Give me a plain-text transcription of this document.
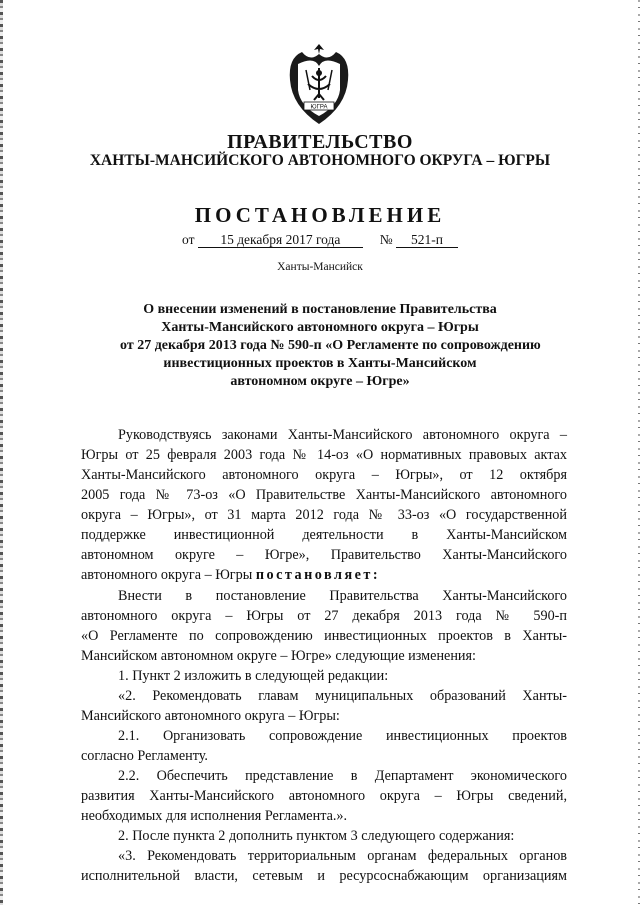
ЮГРА
ПРАВИТЕЛЬСТВО
ХАНТЫ-МАНСИЙСКОГО АВТОНОМНОГО ОКРУГА – ЮГРЫ
ПОСТАНОВЛЕНИЕ
от 15 декабря 2017 года	№ 521-п
Ханты-Мансийск
О внесении изменений в постановление Правительства
Ханты-Мансийского автономного округа – Югры
от 27 декабря 2013 года № 590-п «О Регламенте по сопровождению
инвестиционных проектов в Ханты-Мансийском
автономном округе – Югре»
Руководствуясь законами Ханты-Мансийского автономного округа –
Югры от 25 февраля 2003 года № 14-оз «О нормативных правовых актах
Ханты-Мансийского автономного округа – Югры», от 12 октября
2005 года № 73-оз «О Правительстве Ханты-Мансийского автономного
округа – Югры», от 31 марта 2012 года № 33-оз «О государственной
поддержке инвестиционной деятельности в Ханты-Мансийском
автономном округе – Югре», Правительство Ханты-Мансийского
автономного округа – Югры постановляет:
Внести в постановление Правительства Ханты-Мансийского
автономного округа – Югры от 27 декабря 2013 года № 590-п
«О Регламенте по сопровождению инвестиционных проектов в Ханты-
Мансийском автономном округе – Югре» следующие изменения:
1. Пункт 2 изложить в следующей редакции:
«2. Рекомендовать главам муниципальных образований Ханты-
Мансийского автономного округа – Югры:
2.1. Организовать сопровождение инвестиционных проектов
согласно Регламенту.
2.2. Обеспечить представление в Департамент экономического
развития Ханты-Мансийского автономного округа – Югры сведений,
необходимых для исполнения Регламента.».
2. После пункта 2 дополнить пунктом 3 следующего содержания:
«3. Рекомендовать территориальным органам федеральных органов
исполнительной власти, сетевым и ресурсоснабжающим организациям
